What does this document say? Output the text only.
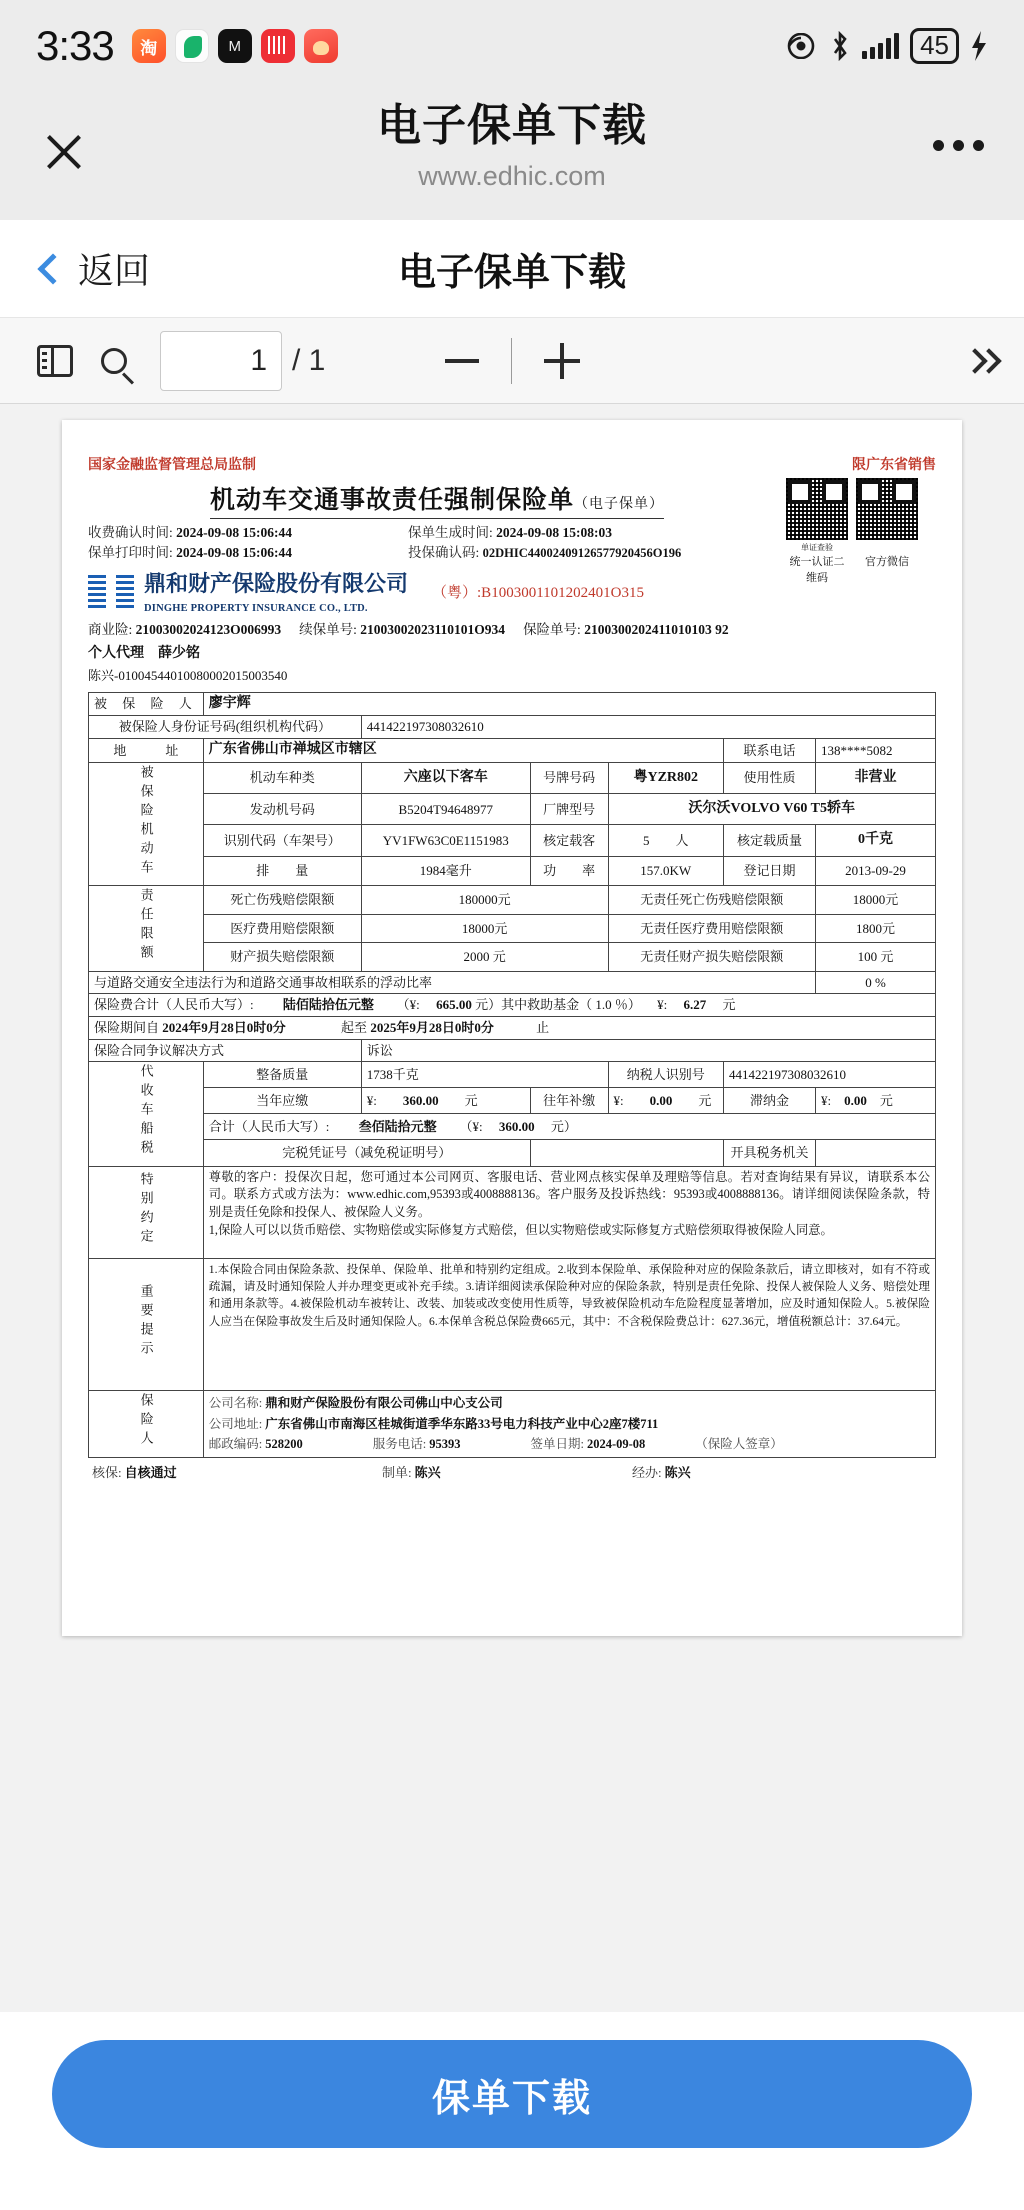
3:33 淘 M	45
电子保单下载
www.edhic.com
返回	电子保单下载
1 / 1
国家金融监督管理总局监制
机动车交通事故责任强制保险单（电子保单）
收费确认时间: 2024-09-08 15:06:44	保单生成时间: 2024-09-08 15:08:03
保单打印时间: 2024-09-08 15:06:44	投保确认码: 02DHIC44002409126577920456O196
鼎和财产保险股份有限公司
DINGHE PROPERTY INSURANCE CO., LTD.
（粤）:B1003001101202401O315
商业险: 21003002024123O006993 续保单号: 21003002023110101O934 保险单号: 2100300202411010103 92
个人代理　 薛少铭
陈兴-01004544010080002015003540
限广东省销售
单证查验
统一认证二维码
官方微信
被 保 险 人	廖宇辉					
被保险人身份证号码(组织机构代码）		441422197308032610				
地　　　址	广东省佛山市禅城区市辖区				联系电话	138****5082
被保险机动车	机动车种类	六座以下客车	号牌号码	粤YZR802	使用性质	非营业
	发动机号码	B5204T94648977	厂牌型号	沃尔沃VOLVO V60 T5轿车		
	识别代码（车架号）	YV1FW63C0E1151983	核定载客	5　　人	核定载质量	0千克
	排　　量	1984毫升	功　　率	157.0KW	登记日期	2013-09-29
责任限额	死亡伤残赔偿限额	180000元		无责任死亡伤残赔偿限额		18000元
	医疗费用赔偿限额	18000元		无责任医疗费用赔偿限额		1800元
	财产损失赔偿限额	2000 元		无责任财产损失赔偿限额		100 元
与道路交通安全违法行为和道路交通事故相联系的浮动比率						0 %
保险费合计（人民币大写）: 　　 陆佰陆拾伍元整 　　 （¥: 　 665.00 元）其中救助基金（ 1.0 ％） 　 ¥: 　 6.27 　 元						
保险期间自 2024年9月28日0时0分 　　　　 起至 2025年9月28日0时0分 　　　 止						
保险合同争议解决方式		诉讼				
代收车船税	整备质量	1738千克		纳税人识别号	441422197308032610	
	当年应缴	¥:　　 360.00　　 元	往年补缴	¥:　　 0.00　　 元	滞纳金	¥:　 0.00　 元
	合计（人民币大写）: 　　 叁佰陆拾元整 　　 （¥: 　 360.00 　 元）					
	完税凭证号（减免税证明号）				开具税务机关	
特别约定	尊敬的客户：投保次日起，您可通过本公司网页、客服电话、营业网点核实保单及理赔等信息。若对查询结果有异议，请联系本公司。联系方式或方法为：www.edhic.com,95393或4008888136。客户服务及投诉热线：95393或4008888136。请详细阅读保险条款，特别是责任免除和投保人、被保险人义务。
1,保险人可以以货币赔偿、实物赔偿或实际修复方式赔偿，但以实物赔偿或实际修复方式赔偿须取得被保险人同意。					

重要提示	1.本保险合同由保险条款、投保单、保险单、批单和特别约定组成。2.收到本保险单、承保险种对应的保险条款后，请立即核对，如有不符或疏漏，请及时通知保险人并办理变更或补充手续。3.请详细阅读承保险种对应的保险条款，特别是责任免除、投保人被保险人义务、赔偿处理和通用条款等。4.被保险机动车被转让、改装、加装或改变使用性质等，导致被保险机动车危险程度显著增加，应及时通知保险人。5.被保险人应当在保险事故发生后及时通知保险人。6.本保单含税总保险费665元，其中：不含税保险费总计：627.36元，增值税额总计：37.64元。					

保险人	公司名称: 鼎和财产保险股份有限公司佛山中心支公司
公司地址: 广东省佛山市南海区桂城街道季华东路33号电力科技产业中心2座7楼711
邮政编码: 528200	服务电话: 95393	签单日期: 2024-09-08	（保险人签章）
核保: 自核通过	制单: 陈兴	经办: 陈兴
保单下载
